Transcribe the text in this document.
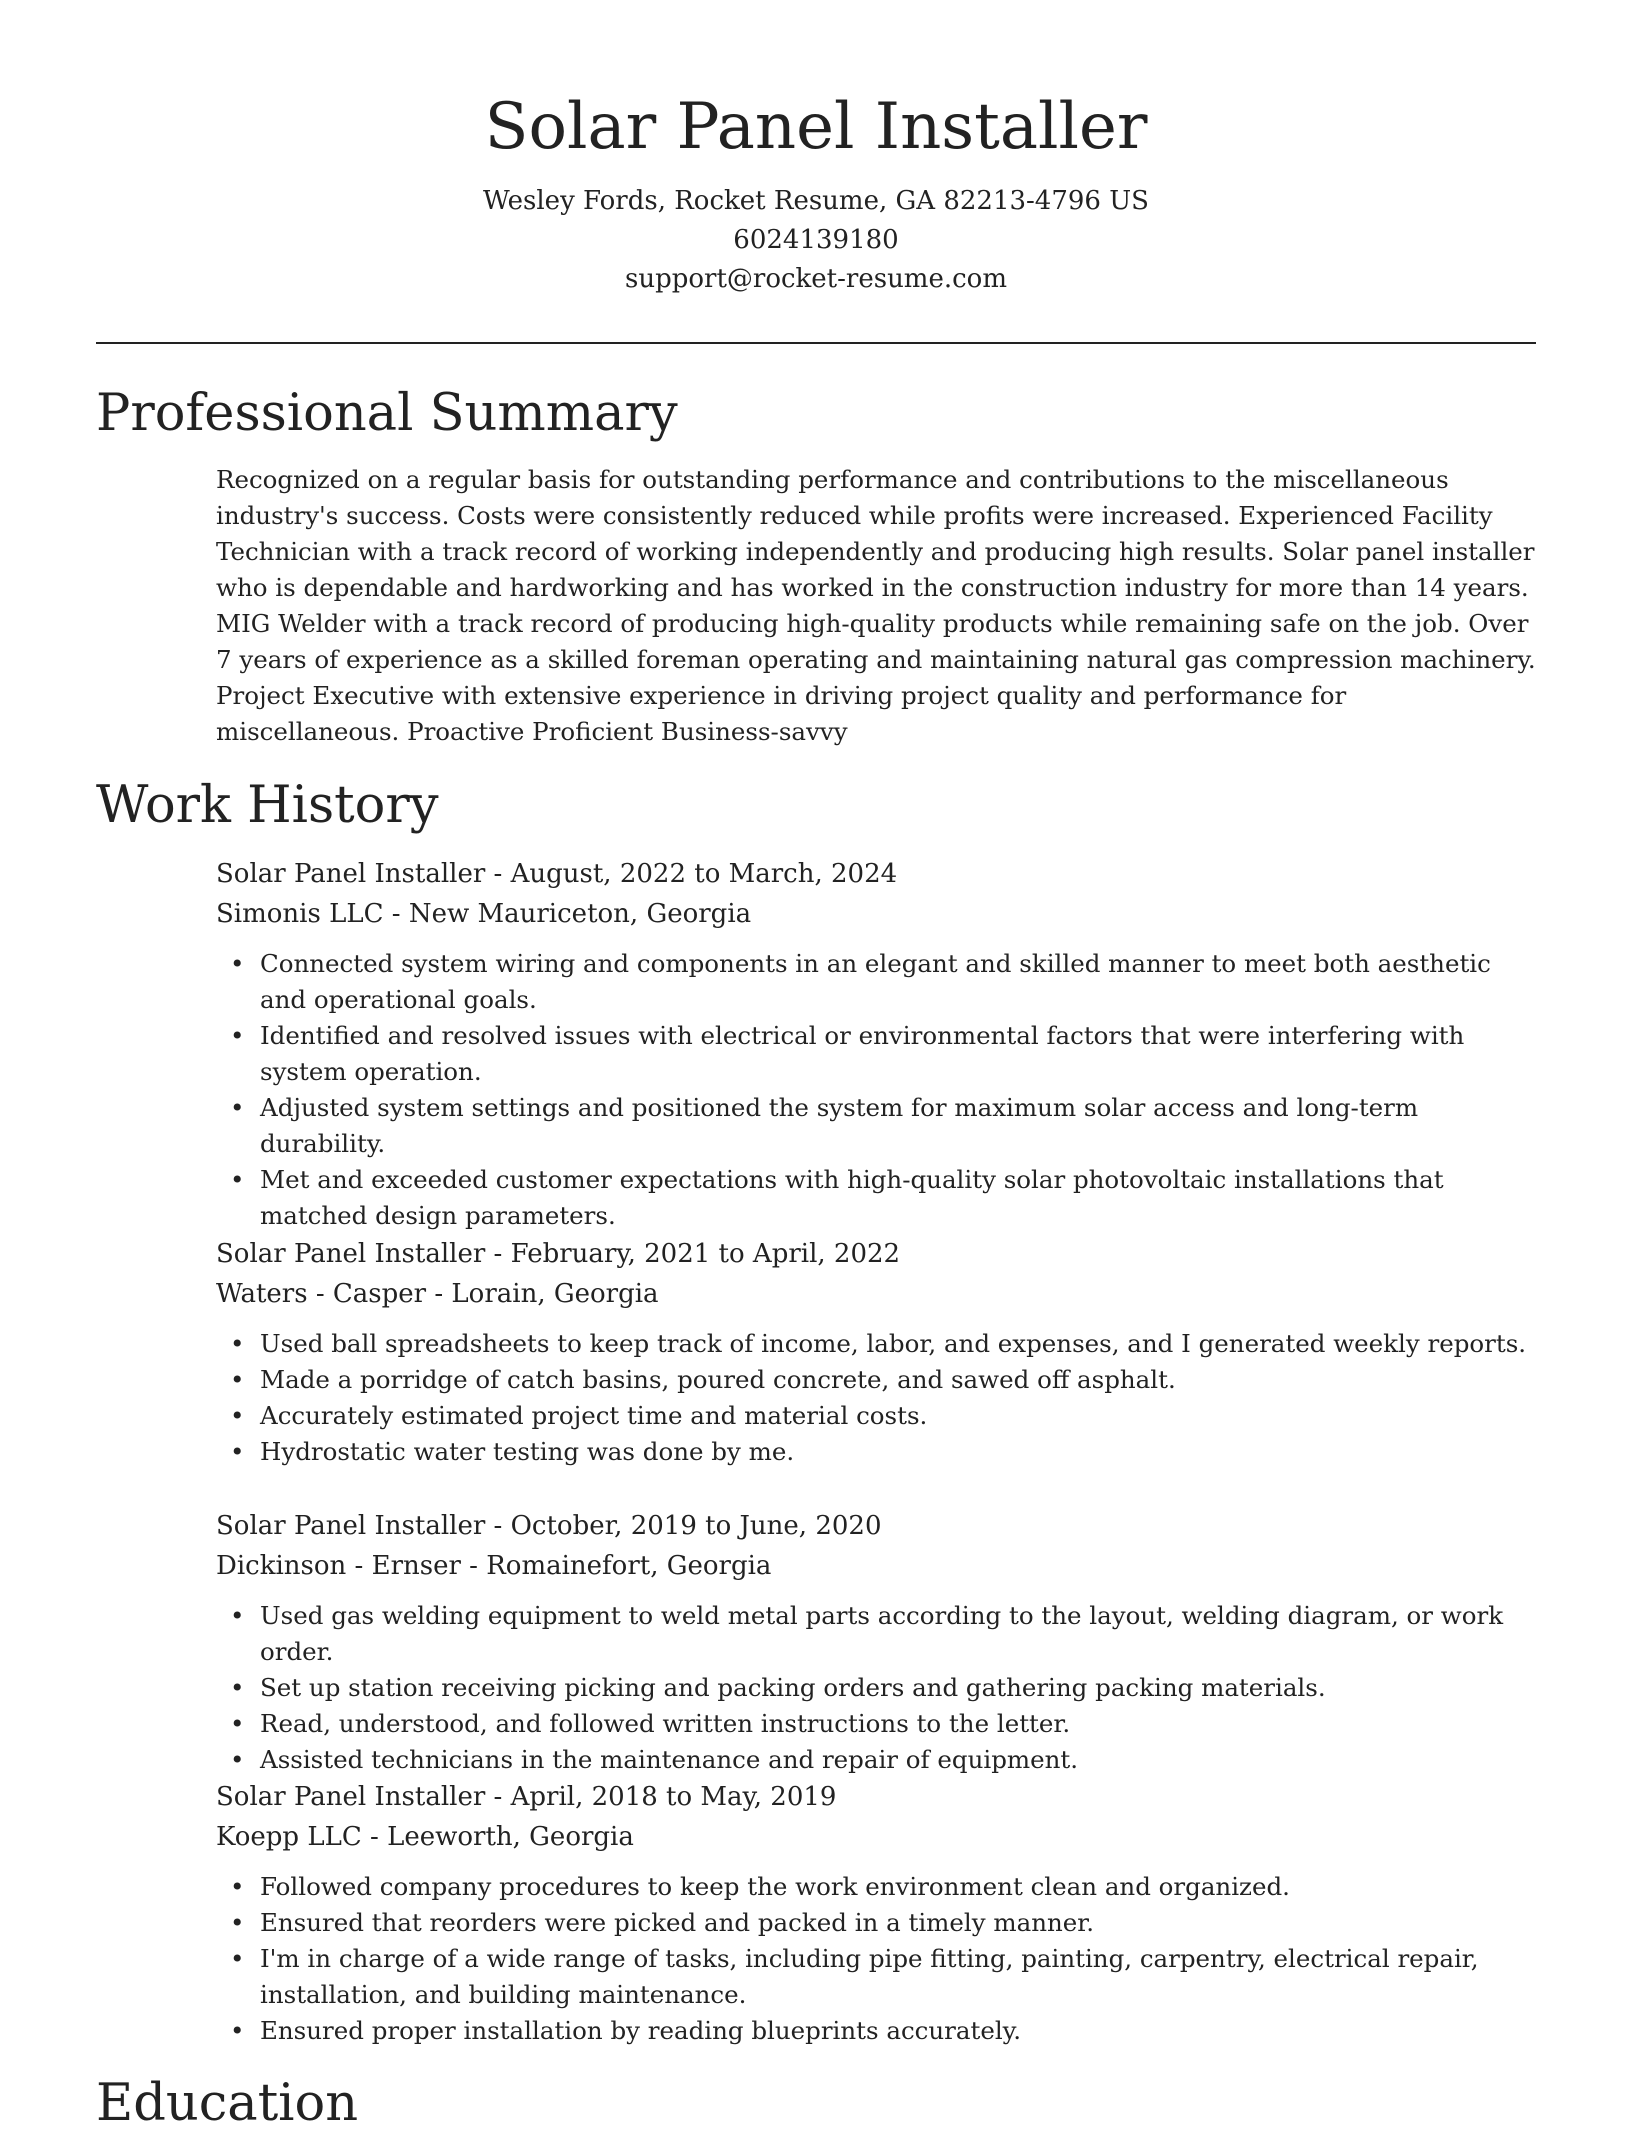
Solar Panel Installer
Wesley Fords, Rocket Resume, GA 82213-4796 US
6024139180
support@rocket-resume.com
Professional Summary

Recognized on a regular basis for outstanding performance and contributions to the miscellaneous industry's success. Costs were consistently reduced while profits were increased. Experienced Facility Technician with a track record of working independently and producing high results. Solar panel installer who is dependable and hardworking and has worked in the construction industry for more than 14 years. MIG Welder with a track record of producing high-quality products while remaining safe on the job. Over 7 years of experience as a skilled foreman operating and maintaining natural gas compression machinery. Project Executive with extensive experience in driving project quality and performance for miscellaneous. Proactive Proficient Business-savvy

Work History
Solar Panel Installer - August, 2022 to March, 2024
Simonis LLC - New Mauriceton, Georgia
• Connected system wiring and components in an elegant and skilled manner to meet both aesthetic and operational goals.
• Identified and resolved issues with electrical or environmental factors that were interfering with system operation.
• Adjusted system settings and positioned the system for maximum solar access and long-term durability.
• Met and exceeded customer expectations with high-quality solar photovoltaic installations that matched design parameters.
Solar Panel Installer - February, 2021 to April, 2022
Waters - Casper - Lorain, Georgia
• Used ball spreadsheets to keep track of income, labor, and expenses, and I generated weekly reports.
• Made a porridge of catch basins, poured concrete, and sawed off asphalt.
• Accurately estimated project time and material costs.
• Hydrostatic water testing was done by me.
Solar Panel Installer - October, 2019 to June, 2020
Dickinson - Ernser - Romainefort, Georgia
• Used gas welding equipment to weld metal parts according to the layout, welding diagram, or work order.
• Set up station receiving picking and packing orders and gathering packing materials.
• Read, understood, and followed written instructions to the letter.
• Assisted technicians in the maintenance and repair of equipment.
Solar Panel Installer - April, 2018 to May, 2019
Koepp LLC - Leeworth, Georgia
• Followed company procedures to keep the work environment clean and organized.
• Ensured that reorders were picked and packed in a timely manner.
• I'm in charge of a wide range of tasks, including pipe fitting, painting, carpentry, electrical repair, installation, and building maintenance.
• Ensured proper installation by reading blueprints accurately.
Education
